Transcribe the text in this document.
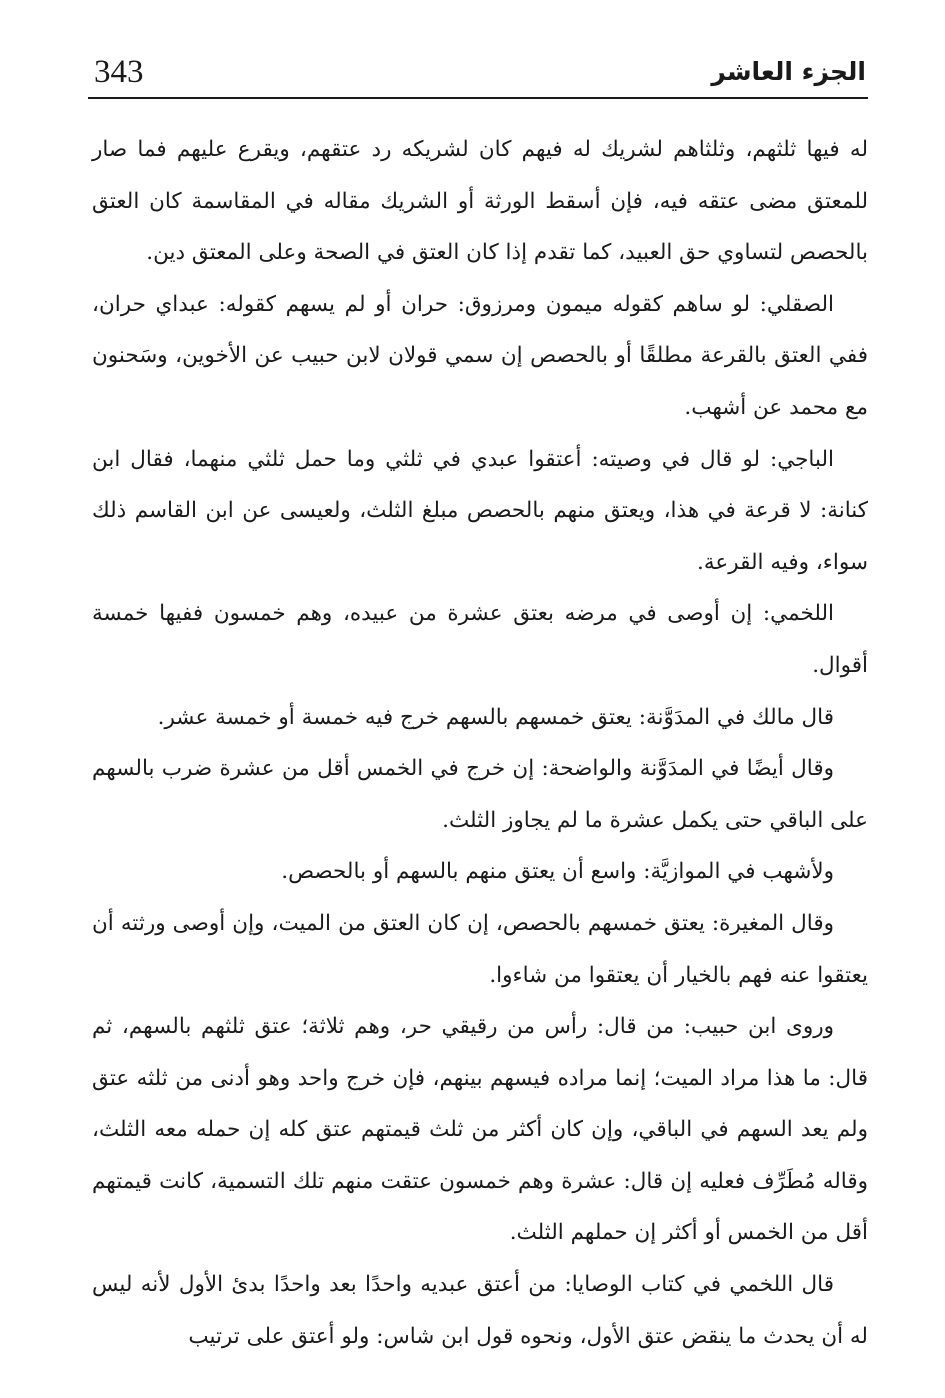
343	الجزء العاشر

له فيها ثلثهم، وثلثاهم لشريك له فيهم كان لشريكه رد عتقهم، ويقرع عليهم فما صار للمعتق مضى عتقه فيه، فإن أسقط الورثة أو الشريك مقاله في المقاسمة كان العتق بالحصص لتساوي حق العبيد، كما تقدم إذا كان العتق في الصحة وعلى المعتق دين.

الصقلي: لو ساهم كقوله ميمون ومرزوق: حران أو لم يسهم كقوله: عبداي حران، ففي العتق بالقرعة مطلقًا أو بالحصص إن سمي قولان لابن حبيب عن الأخوين، وسَحنون مع محمد عن أشهب.

الباجي: لو قال في وصيته: أعتقوا عبدي في ثلثي وما حمل ثلثي منهما، فقال ابن كنانة: لا قرعة في هذا، ويعتق منهم بالحصص مبلغ الثلث، ولعيسى عن ابن القاسم ذلك سواء، وفيه القرعة.

اللخمي: إن أوصى في مرضه بعتق عشرة من عبيده، وهم خمسون ففيها خمسة أقوال.

قال مالك في المدَوَّنة: يعتق خمسهم بالسهم خرج فيه خمسة أو خمسة عشر.

وقال أيضًا في المدَوَّنة والواضحة: إن خرج في الخمس أقل من عشرة ضرب بالسهم على الباقي حتى يكمل عشرة ما لم يجاوز الثلث.

ولأشهب في الموازيَّة: واسع أن يعتق منهم بالسهم أو بالحصص.

وقال المغيرة: يعتق خمسهم بالحصص، إن كان العتق من الميت، وإن أوصى ورثته أن يعتقوا عنه فهم بالخيار أن يعتقوا من شاءوا.

وروى ابن حبيب: من قال: رأس من رقيقي حر، وهم ثلاثة؛ عتق ثلثهم بالسهم، ثم قال: ما هذا مراد الميت؛ إنما مراده فيسهم بينهم، فإن خرج واحد وهو أدنى من ثلثه عتق ولم يعد السهم في الباقي، وإن كان أكثر من ثلث قيمتهم عتق كله إن حمله معه الثلث، وقاله مُطَرِّف فعليه إن قال: عشرة وهم خمسون عتقت منهم تلك التسمية، كانت قيمتهم أقل من الخمس أو أكثر إن حملهم الثلث.

قال اللخمي في كتاب الوصايا: من أعتق عبديه واحدًا بعد واحدًا بدئ الأول لأنه ليس له أن يحدث ما ينقض عتق الأول، ونحوه قول ابن شاس: ولو أعتق على ترتيب
